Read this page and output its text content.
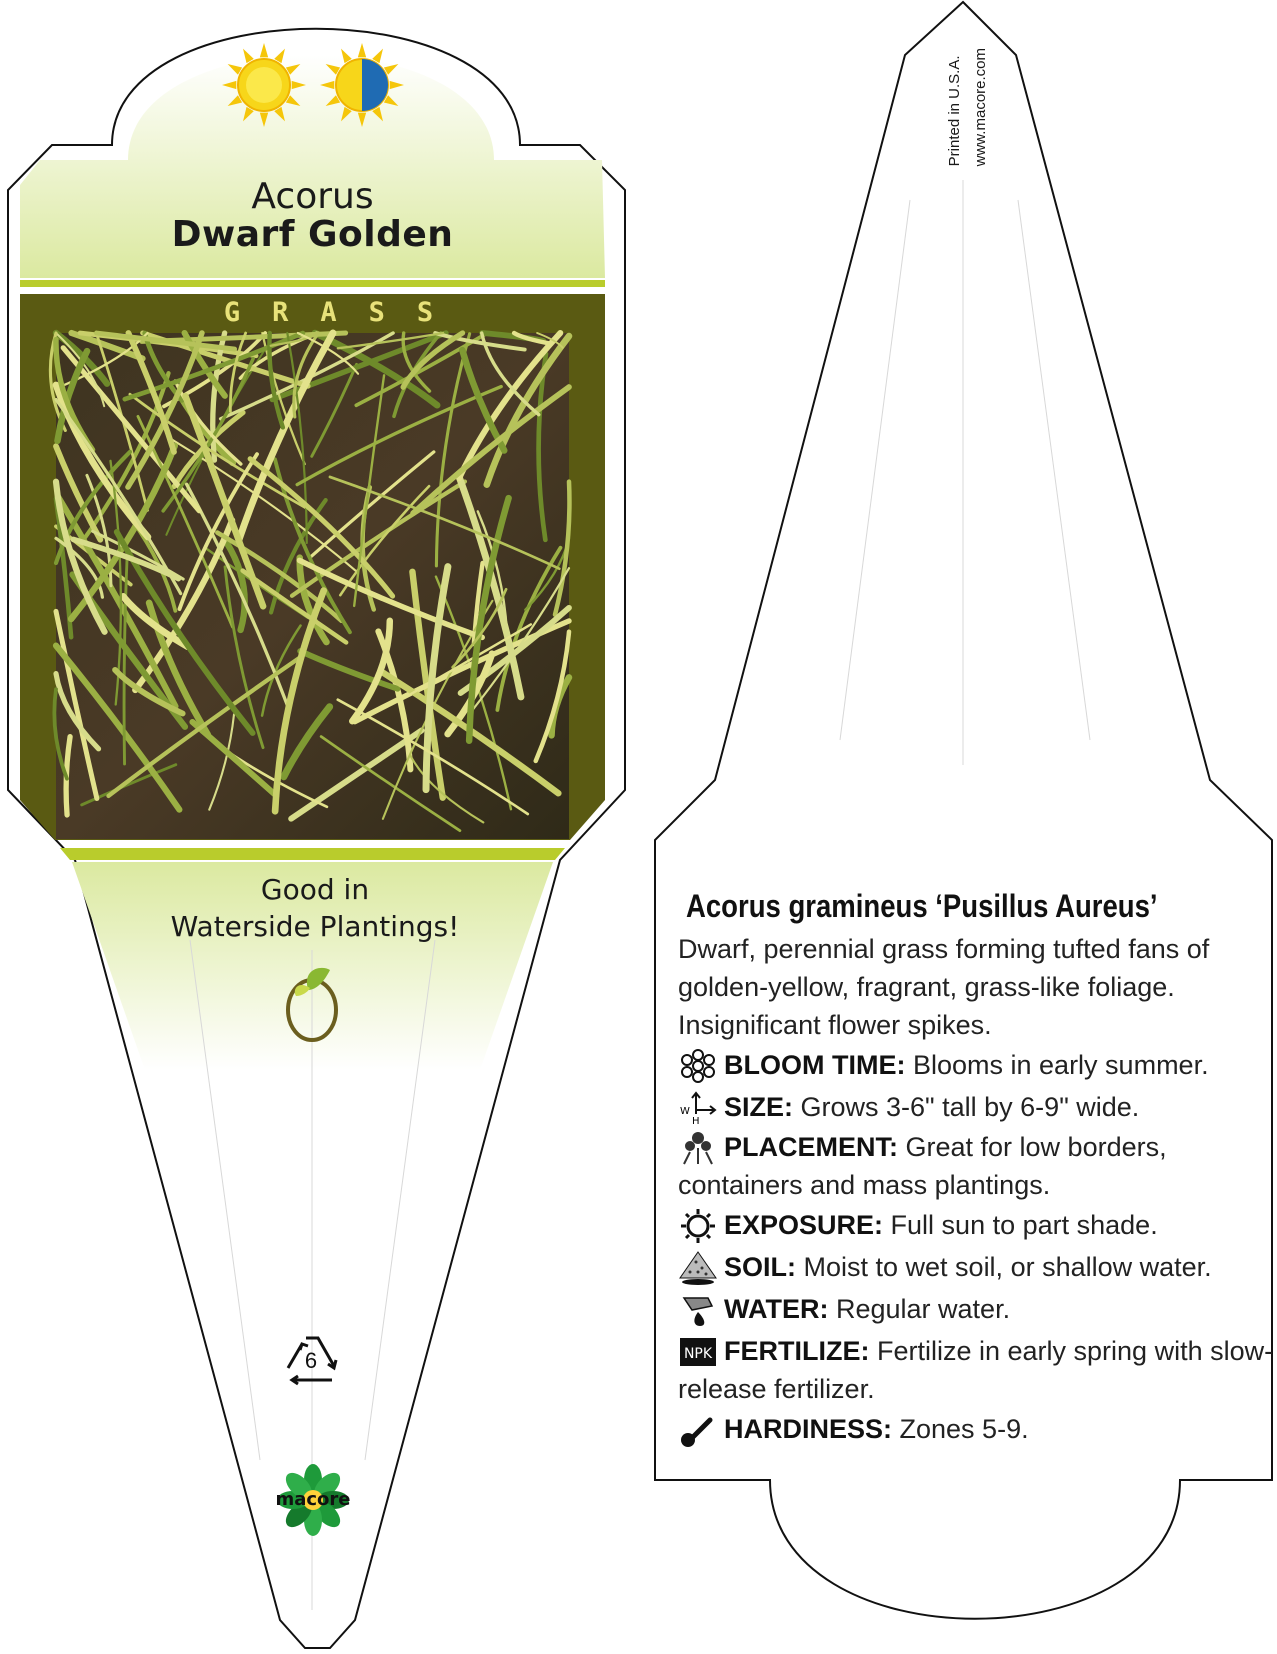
Acorus
Dwarf Golden
GRASS
Good in
Waterside Plantings!
6
macore
Printed in U.S.A. www.macore.com
Acorus gramineus ‘Pusillus Aureus’
Dwarf, perennial grass forming tufted fans of golden-yellow, fragrant, grass-like foliage. Insignificant flower spikes.
BLOOM TIME: Blooms in early summer.
W
H SIZE: Grows 3-6" tall by 6-9" wide.
PLACEMENT: Great for low borders, containers and mass plantings.
EXPOSURE: Full sun to part shade.
SOIL: Moist to wet soil, or shallow water.
WATER: Regular water.
NPK FERTILIZE: Fertilize in early spring with slow-release fertilizer.
HARDINESS: Zones 5-9.
